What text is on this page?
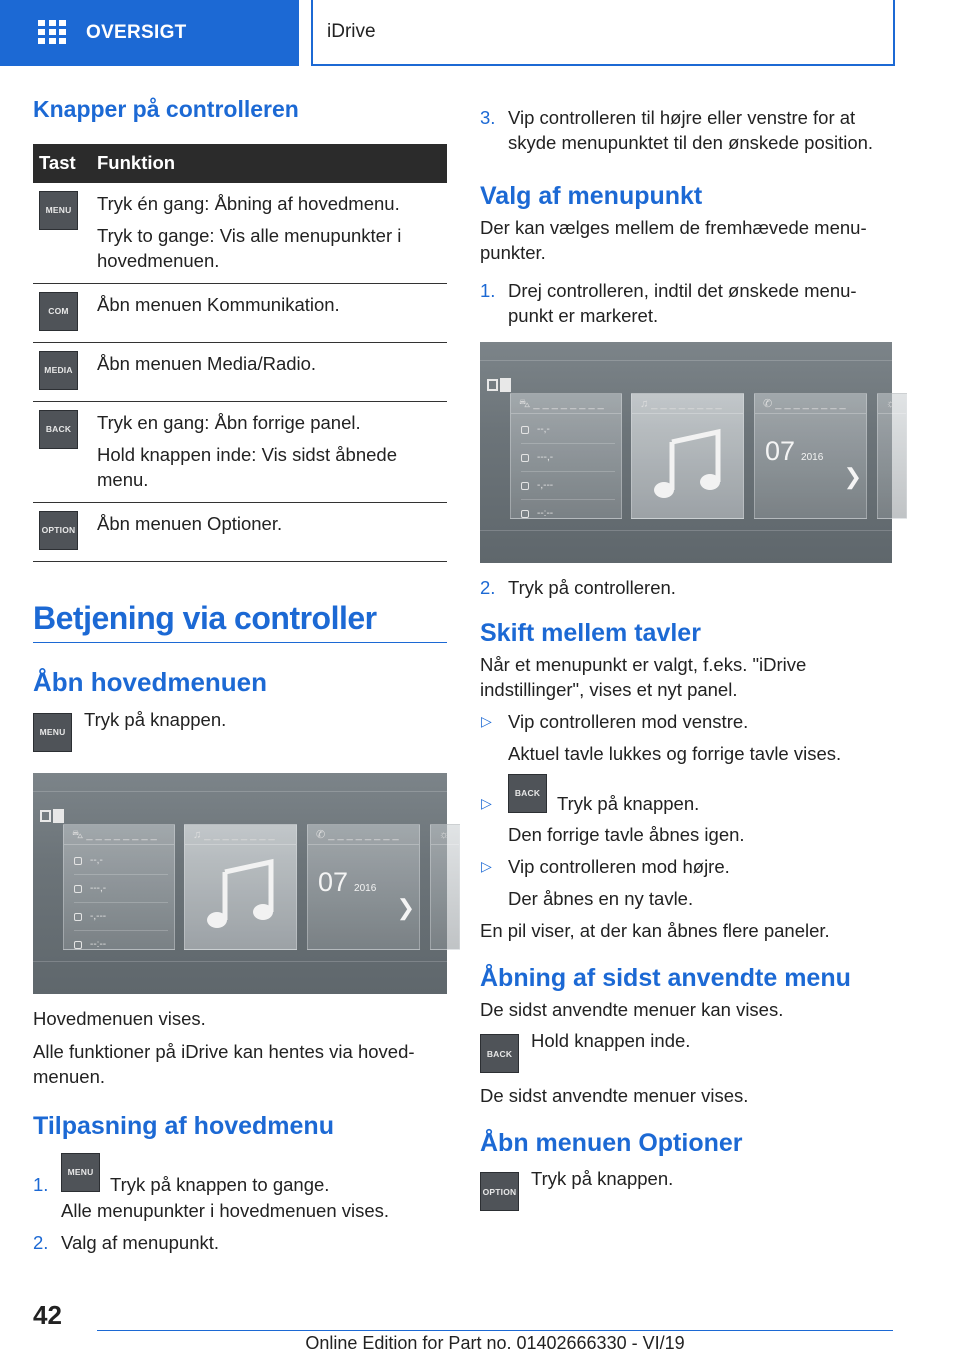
OVERSIGT	iDrive
Knapper på controlleren
Tast	Funktion

MENU	Tryk én gang: Åbning af hovedmenu.

Tryk to gange: Vis alle menupunkter i hovedmenuen.

COM	Åbn menuen Kommunikation.

MEDIA	Åbn menuen Media/Radio.

BACK	Tryk en gang: Åbn forrige panel.

Hold knappen inde: Vis sidst åbnede menu.

OPTION	Åbn menuen Optioner.

Betjening via controller
Åbn hovedmenuen
MENU

Tryk på knappen.

⛍ _ _ _ _ _ _ _ _
--,-
---,-
-,---
--:--
♫ _ _ _ _ _ _ _ _	✆ _ _ _ _ _ _ _ _
07 2016
❯
☼

Hovedmenuen vises.

Alle funktioner på iDrive kan hentes via hoved-menuen.

Tilpasning af hovedmenu
1.
MENUTryk på knappen to gange.

Alle menupunkter i hovedmenuen vises.

2. Valg af menupunkt.
3. Vip controlleren til højre eller venstre for at skyde menupunktet til den ønskede position.
Valg af menupunkt

Der kan vælges mellem de fremhævede menu-punkter.

1. Drej controlleren, indtil det ønskede menu-punkt er markeret.
⛍ _ _ _ _ _ _ _ _
--,-
---,-
-,---
--:--
♫ _ _ _ _ _ _ _ _	✆ _ _ _ _ _ _ _ _
07 2016
❯
☼
2. Tryk på controlleren.
Skift mellem tavler

Når et menupunkt er valgt, f.eks. "iDrive indstillinger", vises et nyt panel.

▷ Vip controlleren mod venstre.

Aktuel tavle lukkes og forrige tavle vises.

▷
BACK Tryk på knappen.

Den forrige tavle åbnes igen.

▷ Vip controlleren mod højre.

Der åbnes en ny tavle.

En pil viser, at der kan åbnes flere paneler.

Åbning af sidst anvendte menu

De sidst anvendte menuer kan vises.

BACK

Hold knappen inde.

De sidst anvendte menuer vises.

Åbn menuen Optioner
OPTION

Tryk på knappen.

42
Online Edition for Part no. 01402666330 - VI/19
